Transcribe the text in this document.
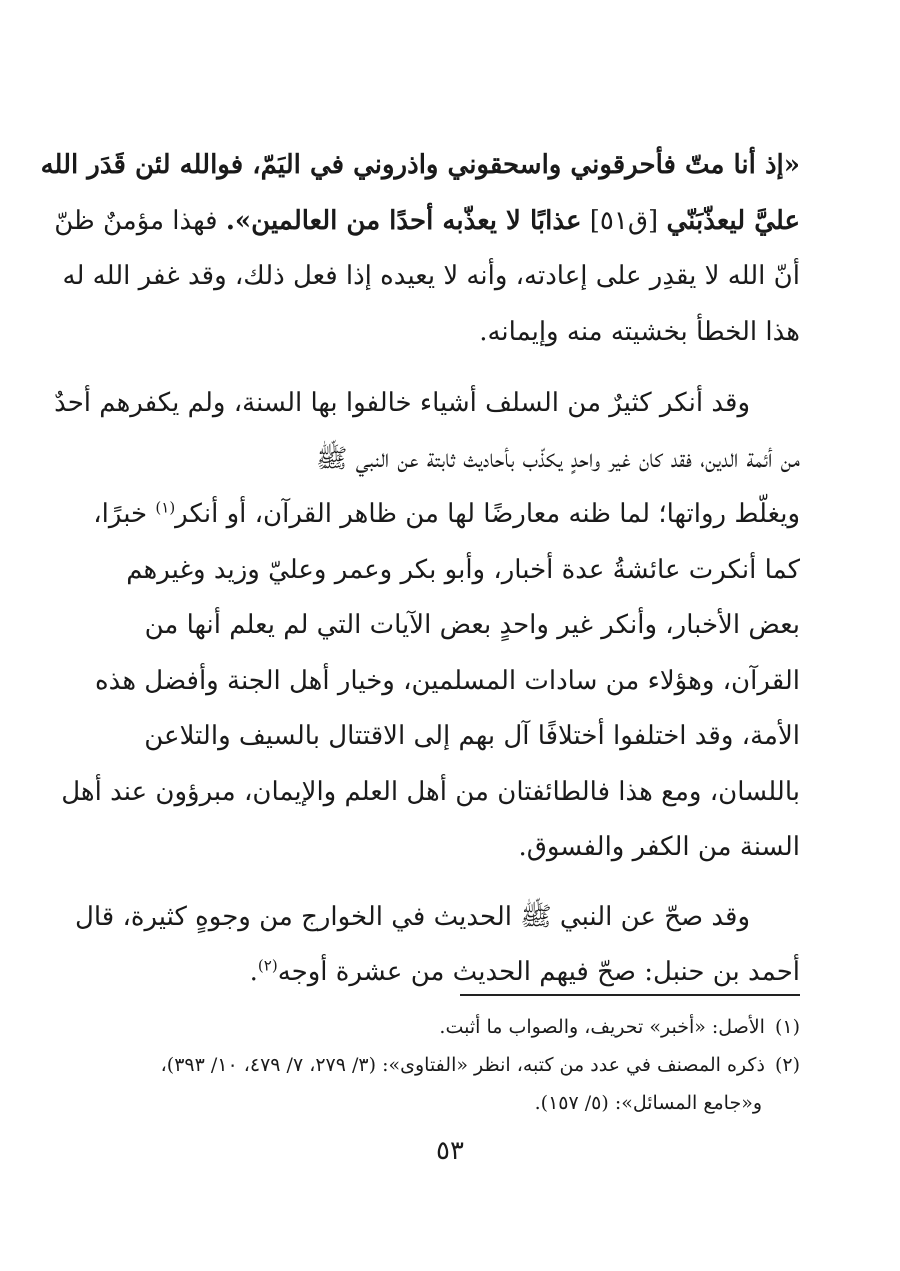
«إذ أنا متّ فأحرقوني واسحقوني واذروني في اليَمّ، فوالله لئن قَدَر الله
عليَّ ليعذّبَنّي [ق٥١] عذابًا لا يعذّبه أحدًا من العالمين». فهذا مؤمنٌ ظنّ
أنّ الله لا يقدِر على إعادته، وأنه لا يعيده إذا فعل ذلك، وقد غفر الله له
هذا الخطأ بخشيته منه وإيمانه.

وقد أنكر كثيرٌ من السلف أشياء خالفوا بها السنة، ولم يكفرهم أحدٌ
من أئمة الدين، فقد كان غير واحدٍ يكذّب بأحاديث ثابتة عن النبي ﷺ
ويغلّط رواتها؛ لما ظنه معارضًا لها من ظاهر القرآن، أو أنكر$^{(١)}$ خبرًا،
كما أنكرت عائشةُ عدة أخبار، وأبو بكر وعمر وعليّ وزيد وغيرهم
بعض الأخبار، وأنكر غير واحدٍ بعض الآيات التي لم يعلم أنها من
القرآن، وهؤلاء من سادات المسلمين، وخيار أهل الجنة وأفضل هذه
الأمة، وقد اختلفوا أختلافًا آل بهم إلى الاقتتال بالسيف والتلاعن
باللسان، ومع هذا فالطائفتان من أهل العلم والإيمان، مبرؤون عند أهل
السنة من الكفر والفسوق.

وقد صحّ عن النبي ﷺ الحديث في الخوارج من وجوهٍ كثيرة، قال
أحمد بن حنبل: صحّ فيهم الحديث من عشرة أوجه$^{(٢)}$.

(١)الأصل: «أخبر» تحريف، والصواب ما أثبت.

(٢)ذكره المصنف في عدد من كتبه، انظر «الفتاوى»: (٣/ ٢٧٩، ٧/ ٤٧٩، ١٠/ ٣٩٣)،

و«جامع المسائل»: (٥/ ١٥٧).

٥٣
